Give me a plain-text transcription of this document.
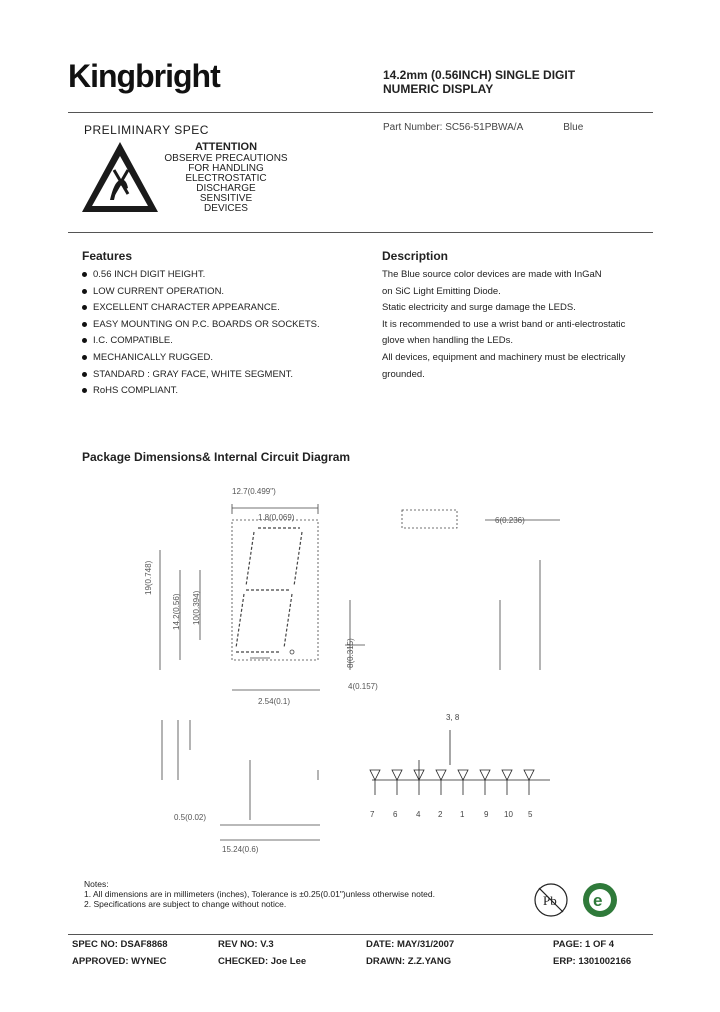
Kingbright	14.2mm (0.56INCH) SINGLE DIGIT
NUMERIC DISPLAY
PRELIMINARY SPEC	Part Number: SC56-51PBWA/A	Blue
ATTENTION
OBSERVE PRECAUTIONS
FOR HANDLING
ELECTROSTATIC
DISCHARGE
SENSITIVE
DEVICES
Features
0.56 INCH DIGIT HEIGHT.
LOW CURRENT OPERATION.
EXCELLENT CHARACTER APPEARANCE.
EASY MOUNTING ON P.C. BOARDS OR SOCKETS.
I.C. COMPATIBLE.
MECHANICALLY RUGGED.
STANDARD : GRAY FACE, WHITE SEGMENT.
RoHS COMPLIANT.
Description
The Blue source color devices are made with InGaN
on SiC Light Emitting Diode.
Static electricity and surge damage the LEDS.
It is recommended to use a wrist band or anti-electrostatic
glove when handling the LEDs.
All devices, equipment and machinery must be electrically
grounded.
Package Dimensions& Internal Circuit Diagram
12.7(0.499")
1.8(0.069)
4(0.157)
2.54(0.1)
15.24(0.6)
0.5(0.02)
6(0.236)
19(0.748)
14.2(0.56) 10(0.394)
8(0.315)
3, 8
7 6 4 2 1 9 10 5
Notes:
1. All dimensions are in millimeters (inches), Tolerance is ±0.25(0.01")unless otherwise noted.
2. Specifications are subject to change without notice.	Pb e
SPEC NO: DSAF8868	REV NO: V.3	DATE: MAY/31/2007	PAGE: 1 OF 4
APPROVED: WYNEC	CHECKED: Joe Lee	DRAWN: Z.Z.YANG	ERP: 1301002166
